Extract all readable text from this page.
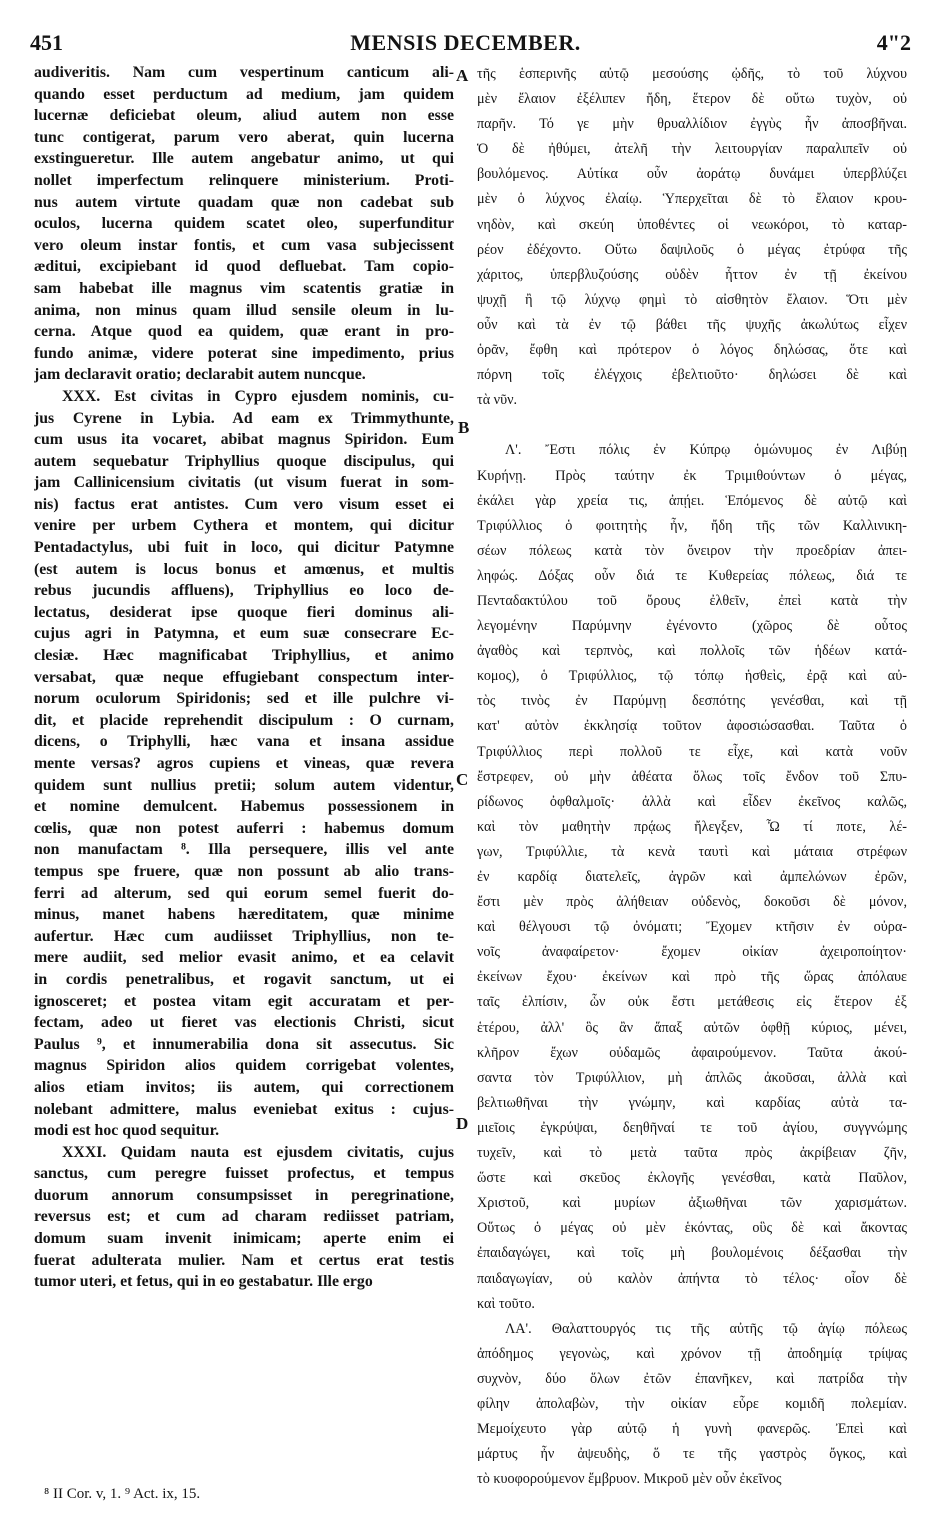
451	MENSIS DECEMBER.	4"2
A
B
C
D
audiveritis. Nam cum vespertinum canticum ali-
quando esset perductum ad medium, jam quidem
lucernæ deficiebat oleum, aliud autem non esse
tunc contigerat, parum vero aberat, quin lucerna
exstingueretur. Ille autem angebatur animo, ut qui
nollet imperfectum relinquere ministerium. Proti-
nus autem virtute quadam quæ non cadebat sub
oculos, lucerna quidem scatet oleo, superfunditur
vero oleum instar fontis, et cum vasa subjecissent
æditui, excipiebant id quod defluebat. Tam copio-
sam habebat ille magnus vim scatentis gratiæ in
anima, non minus quam illud sensile oleum in lu-
cerna. Atque quod ea quidem, quæ erant in pro-
fundo animæ, videre poterat sine impedimento, prius
jam declaravit oratio; declarabit autem nuncque.
XXX. Est civitas in Cypro ejusdem nominis, cu-
jus Cyrene in Lybia. Ad eam ex Trimmythunte,
cum usus ita vocaret, abibat magnus Spiridon. Eum
autem sequebatur Triphyllius quoque discipulus, qui
jam Callinicensium civitatis (ut visum fuerat in som-
nis) factus erat antistes. Cum vero visum esset ei
venire per urbem Cythera et montem, qui dicitur
Pentadactylus, ubi fuit in loco, qui dicitur Patymne
(est autem is locus bonus et amœnus, et multis
rebus jucundis affluens), Triphyllius eo loco de-
lectatus, desiderat ipse quoque fieri dominus ali-
cujus agri in Patymna, et eum suæ consecrare Ec-
clesiæ. Hæc magnificabat Triphyllius, et animo
versabat, quæ neque effugiebant conspectum inter-
norum oculorum Spiridonis; sed et ille pulchre vi-
dit, et placide reprehendit discipulum : O curnam,
dicens, o Triphylli, hæc vana et insana assidue
mente versas? agros cupiens et vineas, quæ revera
quidem sunt nullius pretii; solum autem videntur,
et nomine demulcent. Habemus possessionem in
cœlis, quæ non potest auferri : habemus domum
non manufactam ⁸. Illa persequere, illis vel ante
tempus spe fruere, quæ non possunt ab alio trans-
ferri ad alterum, sed qui eorum semel fuerit do-
minus, manet habens hæreditatem, quæ minime
aufertur. Hæc cum audiisset Triphyllius, non te-
mere audiit, sed melior evasit animo, et ea celavit
in cordis penetralibus, et rogavit sanctum, ut ei
ignosceret; et postea vitam egit accuratam et per-
fectam, adeo ut fieret vas electionis Christi, sicut
Paulus ⁹, et innumerabilia dona sit assecutus. Sic
magnus Spiridon alios quidem corrigebat volentes,
alios etiam invitos; iis autem, qui correctionem
nolebant admittere, malus eveniebat exitus : cujus-
modi est hoc quod sequitur.
XXXI. Quidam nauta est ejusdem civitatis, cujus
sanctus, cum peregre fuisset profectus, et tempus
duorum annorum consumpsisset in peregrinatione,
reversus est; et cum ad charam rediisset patriam,
domum suam invenit inimicam; aperte enim ei
fuerat adulterata mulier. Nam et certus erat testis
tumor uteri, et fetus, qui in eo gestabatur. Ille ergo
τῆς ἑσπερινῆς αὐτῷ μεσούσης ᾠδῆς, τὸ τοῦ λύχνου
μὲν ἔλαιον ἐξέλιπεν ἤδη, ἕτερον δὲ οὔτω τυχὸν, οὐ
παρῆν. Τό γε μὴν θρυαλλίδιον ἐγγὺς ἦν ἀποσβῆναι.
Ὁ δὲ ἠθύμει, ἀτελῆ τὴν λειτουργίαν παραλιπεῖν οὐ
βουλόμενος. Αὐτίκα οὖν ἀοράτῳ δυνάμει ὑπερβλύζει
μὲν ὁ λύχνος ἐλαίῳ. Ὑπερχεῖται δὲ τὸ ἔλαιον κρου-
νηδὸν, καὶ σκεύη ὑποθέντες οἱ νεωκόροι, τὸ καταρ-
ρέον ἐδέχοντο. Οὕτω δαψιλοῦς ὁ μέγας ἐτρύφα τῆς
χάριτος, ὑπερβλυζούσης οὐδὲν ἧττον ἐν τῇ ἐκείνου
ψυχῇ ἢ τῷ λύχνῳ φημὶ τὸ αἰσθητὸν ἔλαιον. Ὅτι μὲν
οὖν καὶ τὰ ἐν τῷ βάθει τῆς ψυχῆς ἀκωλύτως εἶχεν
ὁρᾶν, ἔφθη καὶ πρότερον ὁ λόγος δηλώσας, ὅτε καὶ
πόρνη τοῖς ἐλέγχοις ἐβελτιοῦτο· δηλώσει δὲ καὶ
τὰ νῦν.
Λ'. Ἔστι πόλις ἐν Κύπρῳ ὁμώνυμος ἐν Λιβύῃ
Κυρήνῃ. Πρὸς ταύτην ἐκ Τριμιθούντων ὁ μέγας,
ἐκάλει γὰρ χρεία τις, ἀπῄει. Ἑπόμενος δὲ αὐτῷ καὶ
Τριφύλλιος ὁ φοιτητὴς ἦν, ἤδη τῆς τῶν Καλλινικη-
σέων πόλεως κατὰ τὸν ὄνειρον τὴν προεδρίαν ἀπει-
ληφώς. Δόξας οὖν διά τε Κυθερείας πόλεως, διά τε
Πενταδακτύλου τοῦ ὄρους ἐλθεῖν, ἐπεὶ κατὰ τὴν
λεγομένην Παρύμνην ἐγένοντο (χῶρος δὲ οὗτος
ἀγαθὸς καὶ τερπνὸς, καὶ πολλοῖς τῶν ἡδέων κατά-
κομος), ὁ Τριφύλλιος, τῷ τόπῳ ἡσθεὶς, ἐρᾷ καὶ αὐ-
τὸς τινὸς ἐν Παρύμνῃ δεσπότης γενέσθαι, καὶ τῇ
κατ' αὐτὸν ἐκκλησίᾳ τοῦτον ἀφοσιώσασθαι. Ταῦτα ὁ
Τριφύλλιος περὶ πολλοῦ τε εἶχε, καὶ κατὰ νοῦν
ἔστρεφεν, οὐ μὴν ἀθέατα ὅλως τοῖς ἔνδον τοῦ Σπυ-
ρίδωνος ὀφθαλμοῖς· ἀλλὰ καὶ εἶδεν ἐκεῖνος καλῶς,
καὶ τὸν μαθητὴν πρᾴως ἤλεγξεν, Ὦ τί ποτε, λέ-
γων, Τριφύλλιε, τὰ κενὰ ταυτὶ καὶ μάταια στρέφων
ἐν καρδίᾳ διατελεῖς, ἀγρῶν καὶ ἀμπελώνων ἐρῶν,
ἔστι μὲν πρὸς ἀλήθειαν οὐδενὸς, δοκοῦσι δὲ μόνον,
καὶ θέλγουσι τῷ ὀνόματι; Ἔχομεν κτῆσιν ἐν οὐρα-
νοῖς ἀναφαίρετον· ἔχομεν οἰκίαν ἀχειροποίητον·
ἐκείνων ἔχου· ἐκείνων καὶ πρὸ τῆς ὥρας ἀπόλαυε
ταῖς ἐλπίσιν, ὧν οὐκ ἔστι μετάθεσις εἰς ἕτερον ἐξ
ἑτέρου, ἀλλ' ὃς ἂν ἅπαξ αὐτῶν ὀφθῇ κύριος, μένει,
κλῆρον ἔχων οὐδαμῶς ἀφαιρούμενον. Ταῦτα ἀκού-
σαντα τὸν Τριφύλλιον, μὴ ἁπλῶς ἀκοῦσαι, ἀλλὰ καὶ
βελτιωθῆναι τὴν γνώμην, καὶ καρδίας αὐτὰ τα-
μιεῖοις ἐγκρύψαι, δεηθῆναί τε τοῦ ἁγίου, συγγνώμης
τυχεῖν, καὶ τὸ μετὰ ταῦτα πρὸς ἀκρίβειαν ζῆν,
ὥστε καὶ σκεῦος ἐκλογῆς γενέσθαι, κατὰ Παῦλον,
Χριστοῦ, καὶ μυρίων ἀξιωθῆναι τῶν χαρισμάτων.
Οὕτως ὁ μέγας οὐ μὲν ἑκόντας, οὓς δὲ καὶ ἄκοντας
ἐπαιδαγώγει, καὶ τοῖς μὴ βουλομένοις δέξασθαι τὴν
παιδαγωγίαν, οὐ καλὸν ἀπήντα τὸ τέλος· οἷον δὲ
καὶ τοῦτο.
ΛΑ'. Θαλαττουργός τις τῆς αὐτῆς τῷ ἁγίῳ πόλεως
ἀπόδημος γεγονὼς, καὶ χρόνον τῇ ἀποδημίᾳ τρίψας
συχνὸν, δύο ὅλων ἐτῶν ἐπανῆκεν, καὶ πατρίδα τὴν
φίλην ἀπολαβὼν, τὴν οἰκίαν εὗρε κομιδῆ πολεμίαν.
Μεμοίχευτο γὰρ αὐτῷ ἡ γυνὴ φανερῶς. Ἐπεὶ καὶ
μάρτυς ἦν ἀψευδὴς, ὅ τε τῆς γαστρὸς ὄγκος, καὶ
τὸ κυοφορούμενον ἔμβρυον. Μικροῦ μὲν οὖν ἐκεῖνος
⁸ II Cor. v, 1. ⁹ Act. ix, 15.
